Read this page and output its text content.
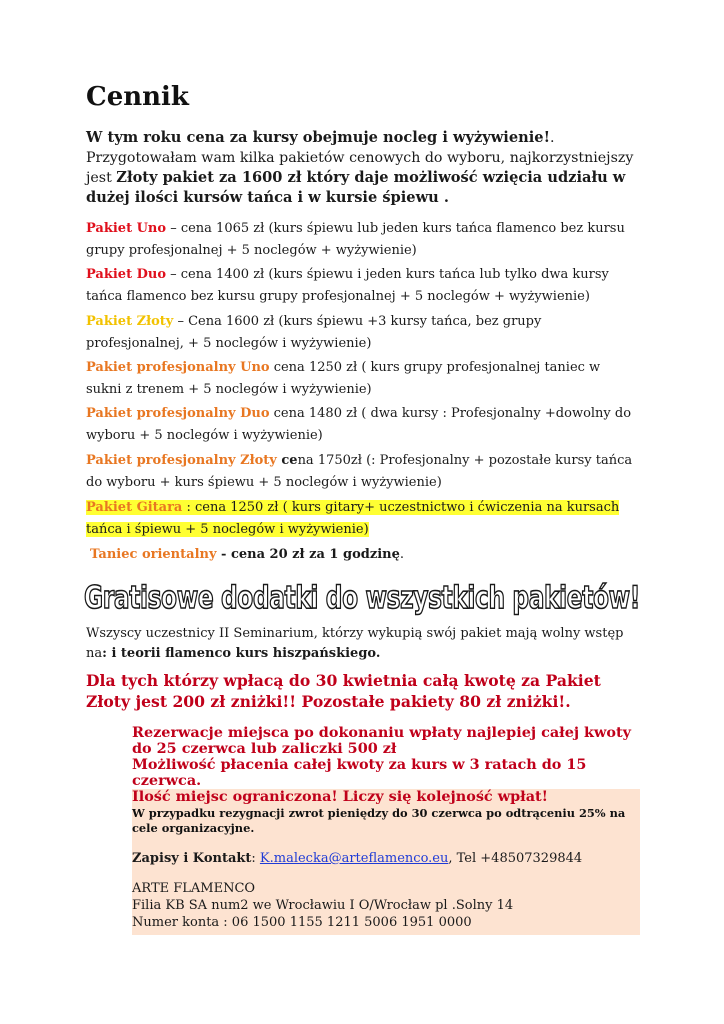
Cennik
W tym roku cena za kursy obejmuje nocleg i wyżywienie!. Przygotowałam wam kilka pakietów cenowych do wyboru, najkorzystniejszy jest Złoty pakiet za 1600 zł który daje możliwość wzięcia udziału w dużej ilości kursów tańca i w kursie śpiewu .
Pakiet Uno – cena 1065 zł (kurs śpiewu lub jeden kurs tańca flamenco bez kursu grupy profesjonalnej + 5 noclegów + wyżywienie)
Pakiet Duo – cena 1400 zł (kurs śpiewu i jeden kurs tańca lub tylko dwa kursy tańca flamenco bez kursu grupy profesjonalnej + 5 noclegów + wyżywienie)
Pakiet Złoty – Cena 1600 zł (kurs śpiewu +3 kursy tańca, bez grupy profesjonalnej, + 5 noclegów i wyżywienie)
Pakiet profesjonalny Uno cena 1250 zł ( kurs grupy profesjonalnej taniec w sukni z trenem + 5 noclegów i wyżywienie)
Pakiet profesjonalny Duo cena 1480 zł ( dwa kursy : Profesjonalny +dowolny do wyboru + 5 noclegów i wyżywienie)
Pakiet profesjonalny Złoty cena 1750zł (: Profesjonalny + pozostałe kursy tańca do wyboru + kurs śpiewu + 5 noclegów i wyżywienie)
Pakiet Gitara : cena 1250 zł ( kurs gitary+ uczestnictwo i ćwiczenia na kursach tańca i śpiewu + 5 noclegów i wyżywienie)
Taniec orientalny - cena 20 zł za 1 godzinę.
Gratisowe dodatki do wszystkich pakietów!
Wszyscy uczestnicy II Seminarium, którzy wykupią swój pakiet mają wolny wstęp na: i teorii flamenco kurs hiszpańskiego.
Dla tych którzy wpłacą do 30 kwietnia całą kwotę za Pakiet Złoty jest 200 zł zniżki!! Pozostałe pakiety 80 zł zniżki!.
Rezerwacje miejsca po dokonaniu wpłaty najlepiej całej kwoty do 25 czerwca lub zaliczki 500 zł
Możliwość płacenia całej kwoty za kurs w 3 ratach do 15 czerwca.
Ilość miejsc ograniczona! Liczy się kolejność wpłat!
W przypadku rezygnacji zwrot pieniędzy do 30 czerwca po odtrąceniu 25% na cele organizacyjne.
Zapisy i Kontakt: K.malecka@arteflamenco.eu, Tel +48507329844
ARTE FLAMENCO
Filia KB SA num2 we Wrocławiu I O/Wrocław pl .Solny 14
Numer konta : 06 1500 1155 1211 5006 1951 0000
